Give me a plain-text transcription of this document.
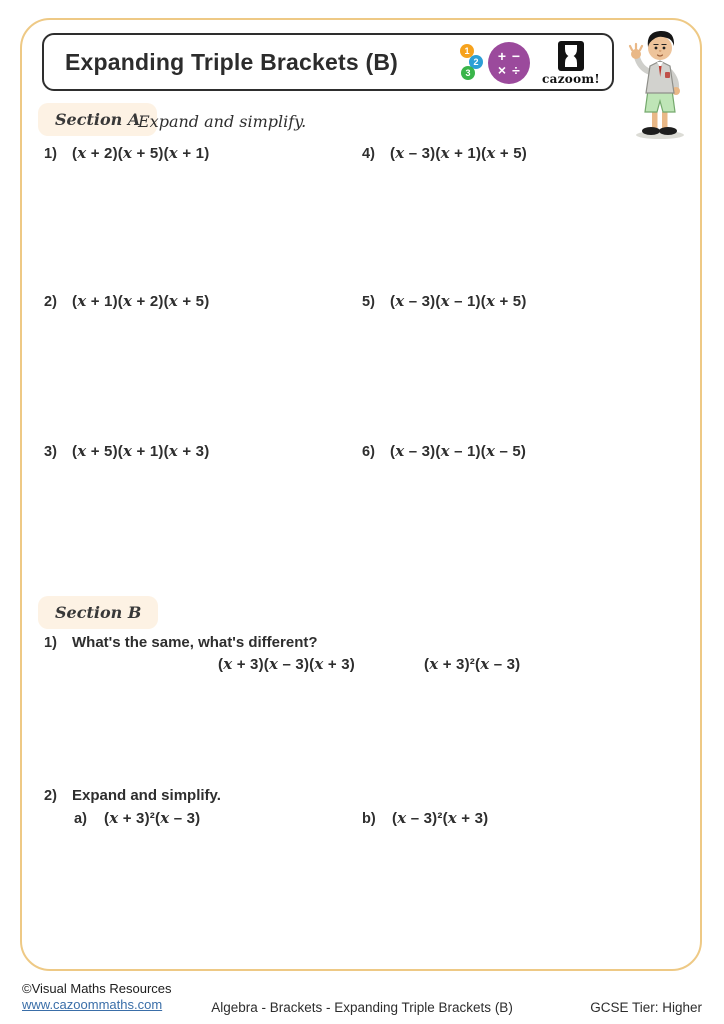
Expanding Triple Brackets (B)	1
2
3
+ −
× ÷
cazoom!
Section A
Expand and simplify.
1)	(x + 2)(x + 5)(x + 1)
2)	(x + 1)(x + 2)(x + 5)
3)	(x + 5)(x + 1)(x + 3)
4)	(x – 3)(x + 1)(x + 5)
5)	(x – 3)(x – 1)(x + 5)
6)	(x – 3)(x – 1)(x – 5)
Section B
1)	What's the same, what's different?
(x + 3)(x – 3)(x + 3)	(x + 3)²(x – 3)
2)	Expand and simplify.
a)	(x + 3)²(x – 3)	b)	(x – 3)²(x + 3)
©Visual Maths Resources
www.cazoommaths.com	Algebra - Brackets - Expanding Triple Brackets (B)	GCSE Tier: Higher
